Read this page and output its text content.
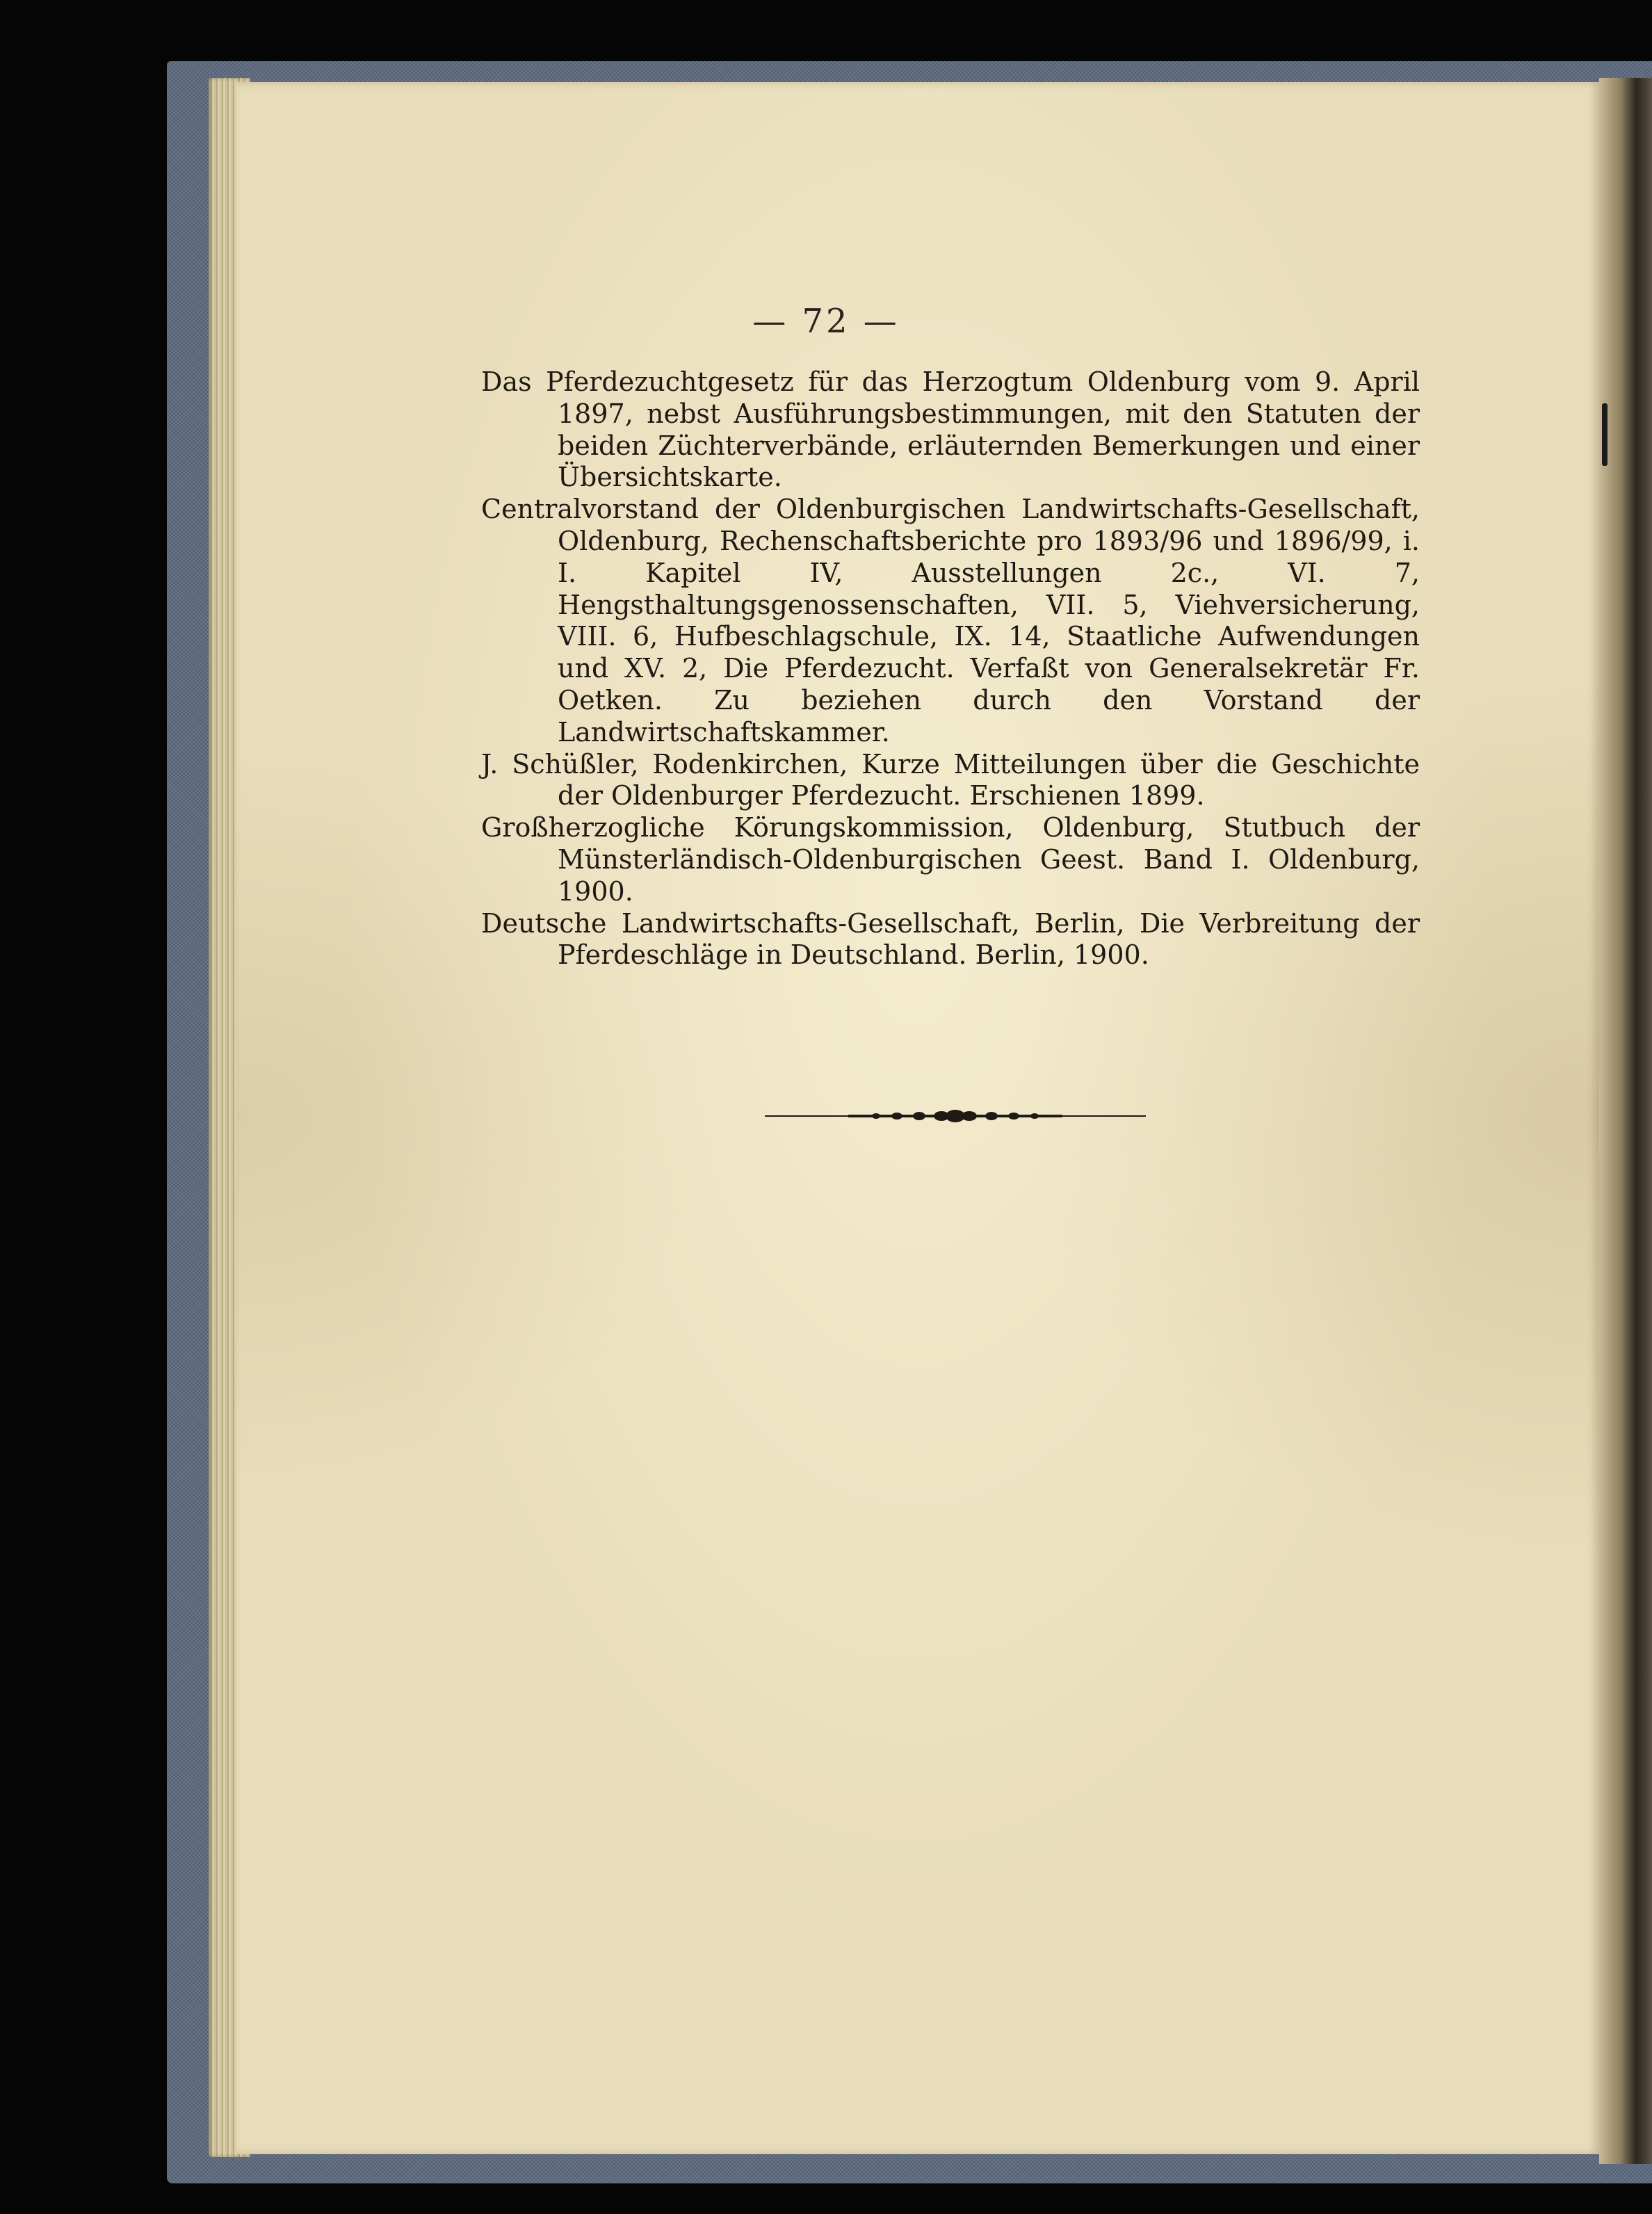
— 72 —

Das Pferdezuchtgesetz für das Herzogtum Oldenburg vom 9. April 1897, nebst Ausführungsbestimmungen, mit den Statuten der beiden Züchterverbände, erläuternden Bemerkungen und einer Übersichtskarte.

Centralvorstand der Oldenburgischen Landwirtschafts-Gesellschaft, Oldenburg, Rechenschaftsberichte pro 1893/96 und 1896/99, i. I. Kapitel IV, Ausstellungen 2c., VI. 7, Hengsthaltungsgenossenschaften, VII. 5, Viehversicherung, VIII. 6, Hufbeschlagschule, IX. 14, Staatliche Aufwendungen und XV. 2, Die Pferdezucht. Verfaßt von Generalsekretär Fr. Oetken. Zu beziehen durch den Vorstand der Landwirtschaftskammer.

J. Schüßler, Rodenkirchen, Kurze Mitteilungen über die Geschichte der Oldenburger Pferdezucht. Erschienen 1899.

Großherzogliche Körungskommission, Oldenburg, Stutbuch der Münsterländisch-Oldenburgischen Geest. Band I. Oldenburg, 1900.

Deutsche Landwirtschafts-Gesellschaft, Berlin, Die Verbreitung der Pferdeschläge in Deutschland. Berlin, 1900.
